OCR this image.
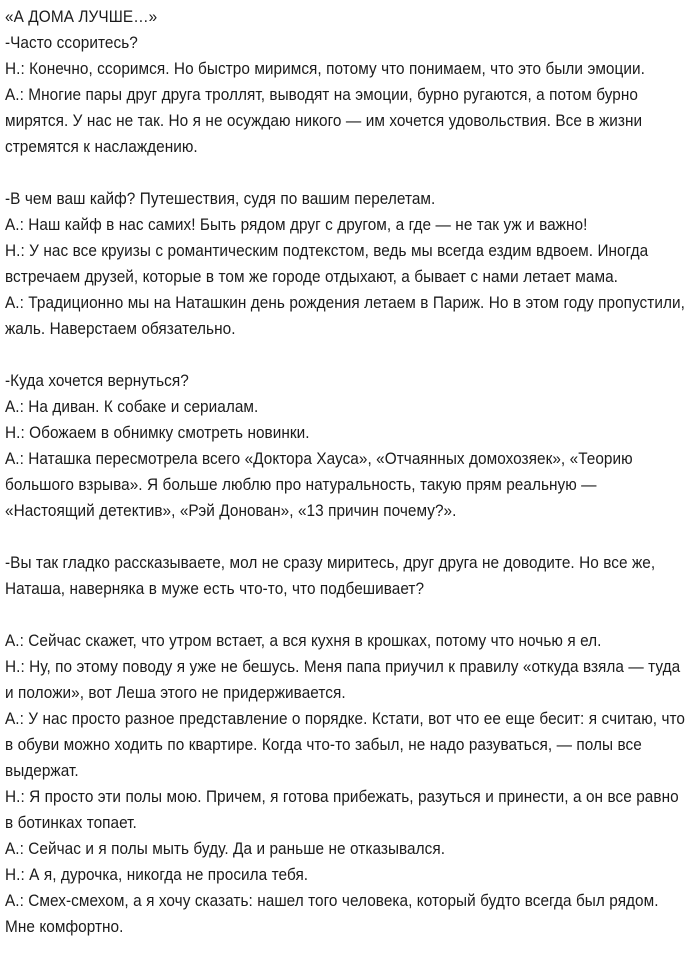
«А ДОМА ЛУЧШЕ…»

-Часто ссоритесь?

Н.: Конечно, ссоримся. Но быстро миримся, потому что понимаем, что это были эмоции.

А.: Многие пары друг друга троллят, выводят на эмоции, бурно ругаются, а потом бурно мирятся. У нас не так. Но я не осуждаю никого — им хочется удовольствия. Все в жизни стремятся к наслаждению.

-В чем ваш кайф? Путешествия, судя по вашим перелетам.

А.: Наш кайф в нас самих! Быть рядом друг с другом, а где — не так уж и важно!

Н.: У нас все круизы с романтическим подтекстом, ведь мы всегда ездим вдвоем. Иногда встречаем друзей, которые в том же городе отдыхают, а бывает с нами летает мама.

А.: Традиционно мы на Наташкин день рождения летаем в Париж. Но в этом году пропустили, жаль. Наверстаем обязательно.

-Куда хочется вернуться?

А.: На диван. К собаке и сериалам.

Н.: Обожаем в обнимку смотреть новинки.

А.: Наташка пересмотрела всего «Доктора Хауса», «Отчаянных домохозяек», «Теорию большого взрыва». Я больше люблю про натуральность, такую прям реальную — «Настоящий детектив», «Рэй Донован», «13 причин почему?».

-Вы так гладко рассказываете, мол не сразу миритесь, друг друга не доводите. Но все же, Наташа, наверняка в муже есть что-то, что подбешивает?

А.: Сейчас скажет, что утром встает, а вся кухня в крошках, потому что ночью я ел.

Н.: Ну, по этому поводу я уже не бешусь. Меня папа приучил к правилу «откуда взяла — туда и положи», вот Леша этого не придерживается.

А.: У нас просто разное представление о порядке. Кстати, вот что ее еще бесит: я считаю, что в обуви можно ходить по квартире. Когда что-то забыл, не надо разуваться, — полы все выдержат.

Н.: Я просто эти полы мою. Причем, я готова прибежать, разуться и принести, а он все равно в ботинках топает.

А.: Сейчас и я полы мыть буду. Да и раньше не отказывался.

Н.: А я, дурочка, никогда не просила тебя.

А.: Смех-смехом, а я хочу сказать: нашел того человека, который будто всегда был рядом. Мне комфортно.
